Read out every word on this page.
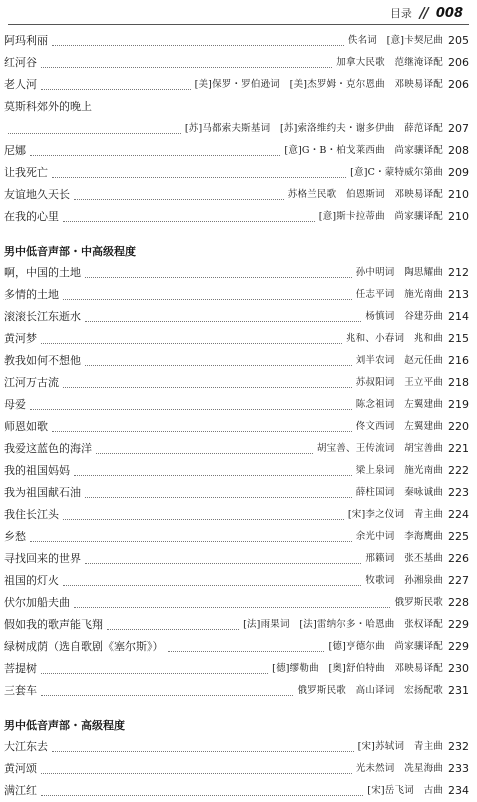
目录 008
阿玛利丽	佚名词　[意]卡契尼曲 205
红河谷	加拿大民歌　范继淹译配 206
老人河	[美]保罗・罗伯逊词　[美]杰罗姆・克尔恩曲　邓映易译配 206
莫斯科郊外的晚上
[苏]马都索夫斯基词　[苏]索洛维约夫・谢多伊曲　薛范译配 207
尼娜	[意]G・B・柏戈莱西曲　尚家骧译配 208
让我死亡	[意]C・蒙特威尔第曲 209
友谊地久天长	苏格兰民歌　伯恩斯词　邓映易译配 210
在我的心里	[意]斯卡拉蒂曲　尚家骧译配 210
男中低音声部・中高级程度
啊，中国的土地	孙中明词　陶思耀曲 212
多情的土地	任志平词　施光南曲 213
滚滚长江东逝水	杨慎词　谷建芬曲 214
黄河梦	兆和、小春词　兆和曲 215
教我如何不想他	刘半农词　赵元任曲 216
江河万古流	苏叔阳词　王立平曲 218
母爱	陈念祖词　左翼建曲 219
师恩如歌	佟文西词　左翼建曲 220
我爱这蓝色的海洋	胡宝善、王传流词　胡宝善曲 221
我的祖国妈妈	梁上泉词　施光南曲 222
我为祖国献石油	薛柱国词　秦咏诚曲 223
我住长江头	[宋]李之仪词　青主曲 224
乡愁	余光中词　李海鹰曲 225
寻找回来的世界	邢籁词　张丕基曲 226
祖国的灯火	牧歌词　孙湘泉曲 227
伏尔加船夫曲	俄罗斯民歌 228
假如我的歌声能飞翔	[法]雨果词　[法]雷纳尔多・哈恩曲　张权译配 229
绿树成荫（选自歌剧《塞尔斯》）	[德]亨德尔曲　尚家骧译配 229
菩提树	[德]缪勒曲　[奥]舒伯特曲　邓映易译配 230
三套车	俄罗斯民歌　高山译词　宏扬配歌 231
男中低音声部・高级程度
大江东去	[宋]苏轼词　青主曲 232
黄河颂	光未然词　冼星海曲 233
满江红	[宋]岳飞词　古曲 234
